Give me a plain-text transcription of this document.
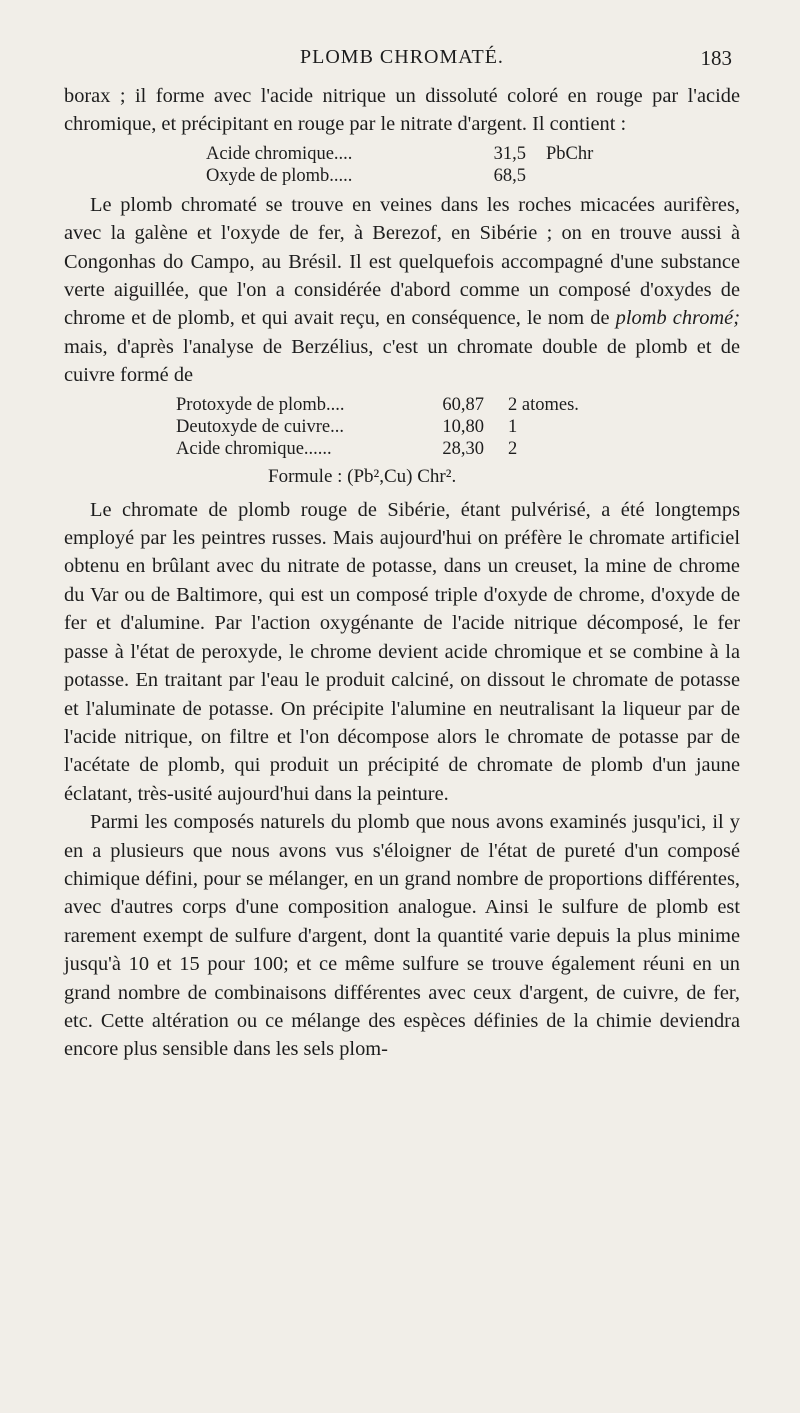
PLOMB CHROMATÉ.	183

borax ; il forme avec l'acide nitrique un dissoluté coloré en rouge par l'acide chromique, et précipitant en rouge par le nitrate d'argent. Il contient :

Acide chromique....	31,5	PbChr
Oxyde de plomb.....	68,5

Le plomb chromaté se trouve en veines dans les roches micacées aurifères, avec la galène et l'oxyde de fer, à Berezof, en Sibérie ; on en trouve aussi à Congonhas do Campo, au Brésil. Il est quelquefois accompagné d'une substance verte aiguillée, que l'on a considérée d'abord comme un composé d'oxydes de chrome et de plomb, et qui avait reçu, en conséquence, le nom de plomb chromé; mais, d'après l'analyse de Berzélius, c'est un chromate double de plomb et de cuivre formé de

Protoxyde de plomb....	60,87	2 atomes.
Deutoxyde de cuivre...	10,80	1
Acide chromique......	28,30	2
Formule : (Pb²,Cu) Chr².

Le chromate de plomb rouge de Sibérie, étant pulvérisé, a été longtemps employé par les peintres russes. Mais aujourd'hui on préfère le chromate artificiel obtenu en brûlant avec du nitrate de potasse, dans un creuset, la mine de chrome du Var ou de Baltimore, qui est un composé triple d'oxyde de chrome, d'oxyde de fer et d'alumine. Par l'action oxygénante de l'acide nitrique décomposé, le fer passe à l'état de peroxyde, le chrome devient acide chromique et se combine à la potasse. En traitant par l'eau le produit calciné, on dissout le chromate de potasse et l'aluminate de potasse. On précipite l'alumine en neutralisant la liqueur par de l'acide nitrique, on filtre et l'on décompose alors le chromate de potasse par de l'acétate de plomb, qui produit un précipité de chromate de plomb d'un jaune éclatant, très-usité aujourd'hui dans la peinture.

Parmi les composés naturels du plomb que nous avons examinés jusqu'ici, il y en a plusieurs que nous avons vus s'éloigner de l'état de pureté d'un composé chimique défini, pour se mélanger, en un grand nombre de proportions différentes, avec d'autres corps d'une composition analogue. Ainsi le sulfure de plomb est rarement exempt de sulfure d'argent, dont la quantité varie depuis la plus minime jusqu'à 10 et 15 pour 100; et ce même sulfure se trouve également réuni en un grand nombre de combinaisons différentes avec ceux d'argent, de cuivre, de fer, etc. Cette altération ou ce mélange des espèces définies de la chimie deviendra encore plus sensible dans les sels plom-
